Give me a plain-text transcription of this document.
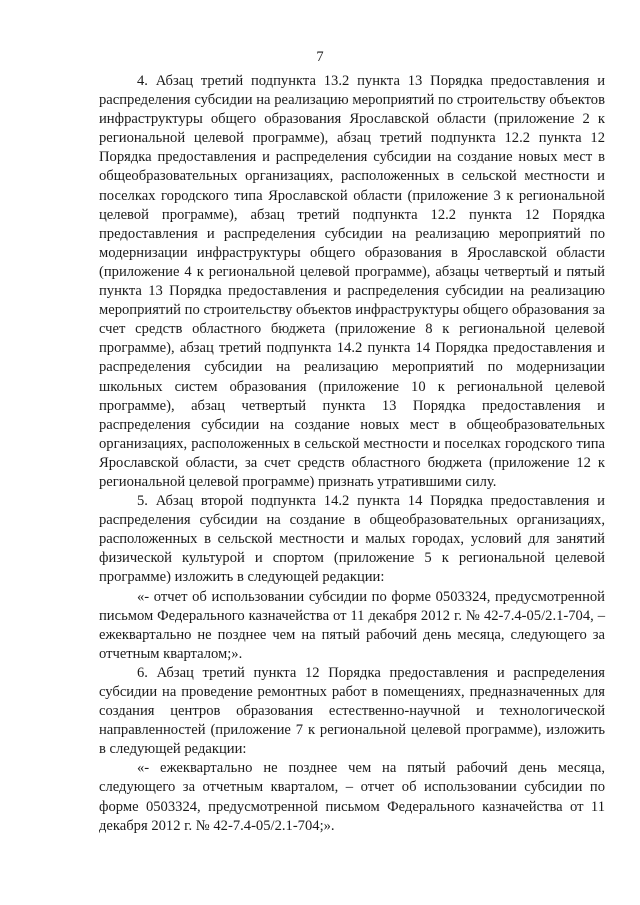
7

4. Абзац третий подпункта 13.2 пункта 13 Порядка предоставления и распределения субсидии на реализацию мероприятий по строительству объектов инфраструктуры общего образования Ярославской области (приложение 2 к региональной целевой программе), абзац третий подпункта 12.2 пункта 12 Порядка предоставления и распределения субсидии на создание новых мест в общеобразовательных организациях, расположенных в сельской местности и поселках городского типа Ярославской области (приложение 3 к региональной целевой программе), абзац третий подпункта 12.2 пункта 12 Порядка предоставления и распределения субсидии на реализацию мероприятий по модернизации инфраструктуры общего образования в Ярославской области (приложение 4 к региональной целевой программе), абзацы четвертый и пятый пункта 13 Порядка предоставления и распределения субсидии на реализацию мероприятий по строительству объектов инфраструктуры общего образования за счет средств областного бюджета (приложение 8 к региональной целевой программе), абзац третий подпункта 14.2 пункта 14 Порядка предоставления и распределения субсидии на реализацию мероприятий по модернизации школьных систем образования (приложение 10 к региональной целевой программе), абзац четвертый пункта 13 Порядка предоставления и распределения субсидии на создание новых мест в общеобразовательных организациях, расположенных в сельской местности и поселках городского типа Ярославской области, за счет средств областного бюджета (приложение 12 к региональной целевой программе) признать утратившими силу.

5. Абзац второй подпункта 14.2 пункта 14 Порядка предоставления и распределения субсидии на создание в общеобразовательных организациях, расположенных в сельской местности и малых городах, условий для занятий физической культурой и спортом (приложение 5 к региональной целевой программе) изложить в следующей редакции:

«- отчет об использовании субсидии по форме 0503324, предусмотренной письмом Федерального казначейства от 11 декабря 2012 г. № 42-7.4-05/2.1-704, – ежеквартально не позднее чем на пятый рабочий день месяца, следующего за отчетным кварталом;».

6. Абзац третий пункта 12 Порядка предоставления и распределения субсидии на проведение ремонтных работ в помещениях, предназначенных для создания центров образования естественно-научной и технологической направленностей (приложение 7 к региональной целевой программе), изложить в следующей редакции:

«- ежеквартально не позднее чем на пятый рабочий день месяца, следующего за отчетным кварталом, – отчет об использовании субсидии по форме 0503324, предусмотренной письмом Федерального казначейства от 11 декабря 2012 г. № 42-7.4-05/2.1-704;».
